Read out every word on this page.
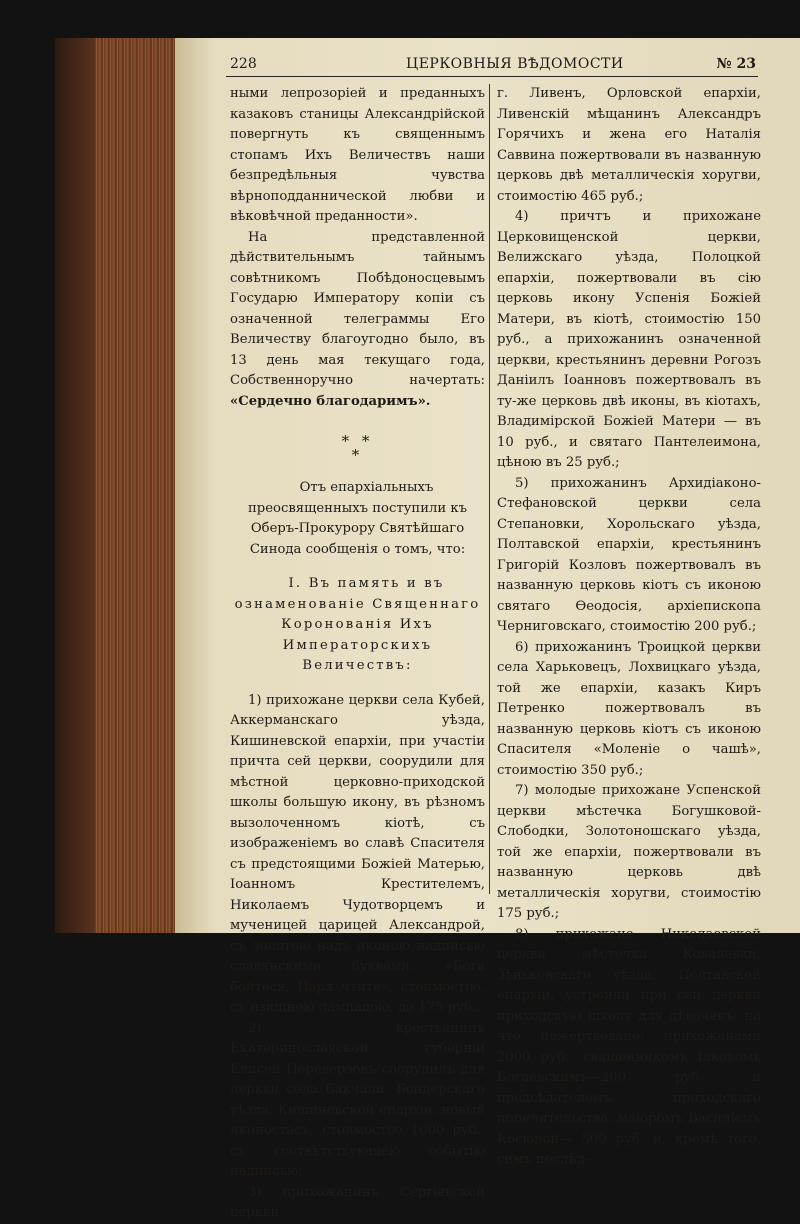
228	ЦЕРКОВНЫЯ ВѢДОМОСТИ	№ 23

ными лепрозоріей и преданныхъ казаковъ станицы Александрійской повергнуть къ священнымъ стопамъ Ихъ Величествъ наши безпредѣльныя чувства вѣрноподданнической любви и вѣковѣчной преданности».

На представленной дѣйствительнымъ тайнымъ совѣтникомъ Побѣдоносцевымъ Государю Императору копіи съ означенной телеграммы Его Величеству благоугодно было, въ 13 день мая текущаго года, Собственноручно начертать: «Сердечно благодаримъ».

* *
*

Отъ епархіальныхъ преосвященныхъ поступили къ Оберъ-Прокурору Святѣйшаго Синода сообщенія о томъ, что:

I. Въ память и въ ознаменованіе Священнаго Коронованія Ихъ Императорскихъ Величествъ:

1) прихожане церкви села Кубей, Аккерманскаго уѣзда, Кишиневской епархіи, при участіи причта сей церкви, соорудили для мѣстной церковно-приходской школы большую икону, въ рѣзномъ вызолоченномъ кіотѣ, съ изображеніемъ во славѣ Спасителя съ предстоящими Божіей Матерью, Іоанномъ Крестителемъ, Николаемъ Чудотворцемъ и мученицей царицей Александрой, съ золотою надъ иконою надписью славянскими буквами: «Бога бойтеся, Царя чтите», стоимостію, съ изящною лампадою, до 175 руб.;

2) крестьянинъ Екатеринославской губерніи Елисей Переверзовъ соорудилъ для церкви села Бакчали, Бендерскаго уѣзда, Кишиневской епархіи, новый иконостасъ, стоимостію 1000 руб., съ соотвѣтствующею событію надписью;

3) прихожанинъ Сергіевской церкви

г. Ливенъ, Орловской епархіи, Ливенскій мѣщанинъ Александръ Горячихъ и жена его Наталія Саввина пожертвовали въ названную церковь двѣ металлическія хоругви, стоимостію 465 руб.;

4) причтъ и прихожане Церковищенской церкви, Велижскаго уѣзда, Полоцкой епархіи, пожертвовали въ сію церковь икону Успенія Божіей Матери, въ кіотѣ, стоимостію 150 руб., а прихожанинъ означенной церкви, крестьянинъ деревни Рогозъ Даніилъ Іоанновъ пожертвовалъ въ ту-же церковь двѣ иконы, въ кіотахъ, Владимірской Божіей Матери — въ 10 руб., и святаго Пантелеимона, цѣною въ 25 руб.;

5) прихожанинъ Архидіаконо-Стефановской церкви села Степановки, Хорольскаго уѣзда, Полтавской епархіи, крестьянинъ Григорій Козловъ пожертвовалъ въ названную церковь кіотъ съ иконою святаго Ѳеодосія, архіепископа Черниговскаго, стоимостію 200 руб.;

6) прихожанинъ Троицкой церкви села Харьковецъ, Лохвицкаго уѣзда, той же епархіи, казакъ Киръ Петренко пожертвовалъ въ названную церковь кіотъ съ иконою Спасителя «Моленіе о чашѣ», стоимостію 350 руб.;

7) молодые прихожане Успенской церкви мѣстечка Богушковой-Слободки, Золотоношскаго уѣзда, той же епархіи, пожертвовали въ названную церковь двѣ металлическія хоругви, стоимостію 175 руб.;

8) прихожане Николаевской церкви мѣстечка Ковалевки, Зѣньковскаго уѣзда, Полтавской епархіи, устроили при сей церкви приходскую школу для дѣвочекъ, на что пожертвовано: прихожанами 2000 руб., священникомъ Іаковомъ Богаевскимъ—200 руб. и предсѣдателемъ приходскаго попечительства, маіоромъ Василіемъ Косюрой— 500 руб. и, кромѣ того, симъ послѣд-
